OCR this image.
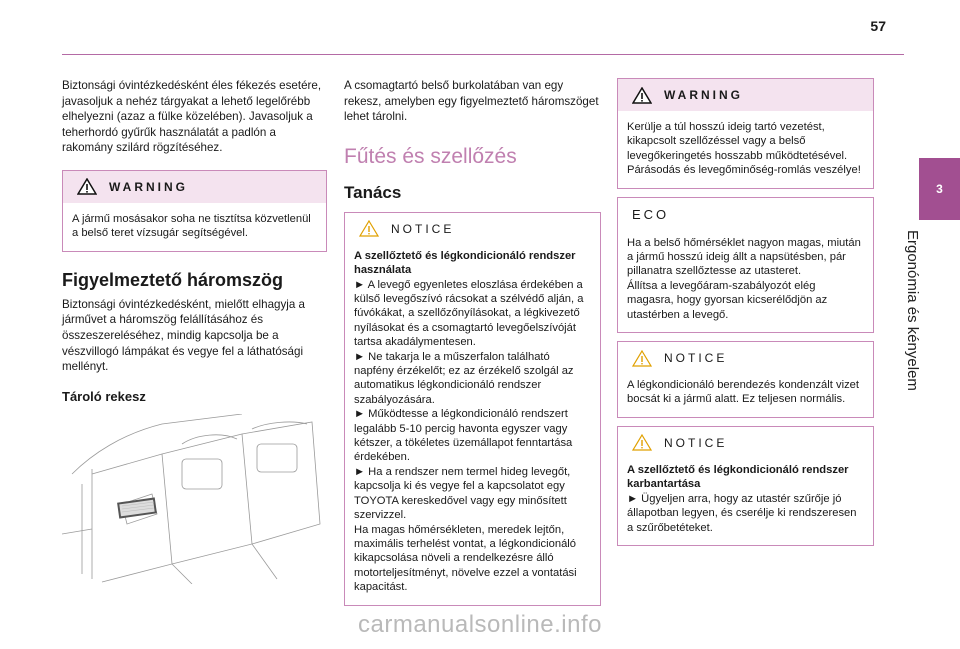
57
3
Ergonómia és kényelem

Biztonsági óvintézkedésként éles fékezés esetére, javasoljuk a nehéz tárgyakat a lehető legelőrébb elhelyezni (azaz a fülke közelében). Javasoljuk a teherhordó gyűrűk használatát a padlón a rakomány szilárd rögzítéséhez.

WARNING
A jármű mosásakor soha ne tisztítsa közvetlenül a belső teret vízsugár segítségével.
Figyelmeztető háromszög

Biztonsági óvintézkedésként, mielőtt elhagyja a járművet a háromszög felállításához és összeszereléséhez, mindig kapcsolja be a vészvillogó lámpákat és vegye fel a láthatósági mellényt.

Tároló rekesz

A csomagtartó belső burkolatában van egy rekesz, amelyben egy figyelmeztető háromszöget lehet tárolni.

Fűtés és szellőzés
Tanács
NOTICE
A szellőztető és légkondicionáló rendszer használata
► A levegő egyenletes eloszlása érdekében a külső levegőszívó rácsokat a szélvédő alján, a fúvókákat, a szellőzőnyílásokat, a légkivezető nyílásokat és a csomagtartó levegőelszívóját tartsa akadálymentesen.
► Ne takarja le a műszerfalon található napfény érzékelőt; ez az érzékelő szolgál az automatikus légkondicionáló rendszer szabályozására.
► Működtesse a légkondicionáló rendszert legalább 5-10 percig havonta egyszer vagy kétszer, a tökéletes üzemállapot fenntartása érdekében.
► Ha a rendszer nem termel hideg levegőt, kapcsolja ki és vegye fel a kapcsolatot egy TOYOTA kereskedővel vagy egy minősített szervizzel.
Ha magas hőmérsékleten, meredek lejtőn, maximális terhelést vontat, a légkondicionáló kikapcsolása növeli a rendelkezésre álló motorteljesítményt, növelve ezzel a vontatási kapacitást.
WARNING
Kerülje a túl hosszú ideig tartó vezetést, kikapcsolt szellőzéssel vagy a belső levegőkeringetés hosszabb működtetésével. Párásodás és levegőminőség-romlás veszélye!
ECO
Ha a belső hőmérséklet nagyon magas, miután a jármű hosszú ideig állt a napsütésben, pár pillanatra szellőztesse az utasteret.
Állítsa a levegőáram-szabályozót elég magasra, hogy gyorsan kicserélődjön az utastérben a levegő.
NOTICE
A légkondicionáló berendezés kondenzált vizet bocsát ki a jármű alatt. Ez teljesen normális.
NOTICE
A szellőztető és légkondicionáló rendszer karbantartása
► Ügyeljen arra, hogy az utastér szűrője jó állapotban legyen, és cserélje ki rendszeresen a szűrőbetéteket.
carmanualsonline.info
